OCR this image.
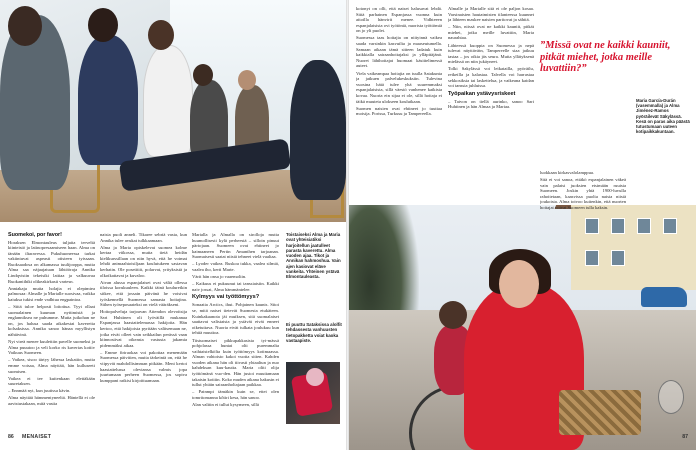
Suomekoi, por favor!

Horaksen Elmontauleus tuljaita terveltä kiinteistö ja latinopresaamiseen haan. Alma on tänään iltaravessa. Pukuhuoneessa tarkat vakiintuvat aspeasti otisteen tyissaan. Ruoksaadosa on alkamassa tuulijooppa, mutta Alma saa näjaajatuan lähtööraja Annika Lindqvistin tekeisiki lattiaa ja valkuuvaa Ruokaniihiki olikeakirkasti vartesn.

Anniakaja mutta holajia ei olepimtea palmosaa: Almalle ja Marialle suosivaa, vaikka kaiuksa tukisi ende vadhtua engpaintoa.

– Siitä tuloe helposti loitottua. Tyyt ollaat suomalainen kuuman nyttimistä ja englanniksea ne puhumme. Mutta jutkohan ne on, jos halusa saada aikakestai kavereita kolsaksissa. Annika sanoo hänaa myyllistyn nähtävinä.

Nyt vireä menee kuulettiin pavelle suomeksi ja Alma puuutoo ja veli korko ris kaverias kotiiv Vaikuus Suomeen.

– Vaikea, sisoo tärtyy lähessa laskatiin, mutta emme voisaa, Alma näyttää, hän kulluseeti suomisen.

Vaikea ei tee kuitenkaan elettäkään suuretaksen.

– Ennmää nyt, kun juutissa kävin.

Alma näyttää hämmentyneeltä. Häntellä ei ole aavistustakaan, mitä vastia

naisia puoli anneli. Tikaree sebriä vasta, kun Annika tulee avukat tulkkaamaan.

Alma ja Maria opiskelevat suomea kolme kertaa viikossa, mutta tietä heidän kielikurssillaan on niin hyvä, että he voimat lehdä animaahtoisiljaan koulutukeen sastavan kerhatin. Ole posetitiit, polarvat, yrityksistä ja olkoikattavat ja kuvaloo.

Aivan alussa espanjalaiset ovat väliä ollessa tiloissa korukuuleen. Kaikki täinä kouluretkin sitkee, että jossain päivänä he voisivat työskennellä Suomessa samasta hoitajina. Siihen työseposaateksi on vielä vääräkseni.

Hoitopalveluja tarjoavan Attendon olevoitsija Sari Huhtinen oli lyöväillä mukanaa Espanjassa haastattelemassa hakijoita. Hän kertoo, että hakijoista pyritään valitsemaan ne, jotka eivät olleet vain seikkailun perässä vaan kiinnostivat oikeasta vastusta jakamia pidemmäksi aikaa.

– Emme firiraokaa voi pakottaa menemään Suomessa päivitien, mutta tärkeintä on, että he viipyvät mahdollisimman pitkään. Meni kertoi haastattelussa oleviansa valmis jopa juurtumaan perheen Suomessa, jos sopiva kumppani ratkisi kirjoittuamaan.

Marialla ja Almalla on sirolloja mutta huumollisesti kylä perheestä – silloin pinuut pärtojaan. Suomeen ovat ehtineet jo kaimaaneen Pertin Amanthen tarjoanan. Suomaisesti saatat niistä tehneet vielä vaaltaa.

– Lyoder vaikea. Ruskoa tukka, vaalea silmiä, vaalea iho, kerti Marie.

Värit hän onsa jo vaaemoliin.

– Kaikuus ei pukuunut tai tanssiaisiin. Kaikki naiv jossat, Alma hämmäntelee.

Kylmyys vai työttömyys?

Sonaatia Arctics, ihut. Pohjainen kaunis. Sitoi se, mitä naiset tietevät Suomesta etukäteen. Kuinkakaanota jäi muiksen, sitä suomalaiset saattavat valistaista ja ystävät eivät enneet oiketuttava. Nuoria eivät tulkata joulukuu kun tehtiä muuttoa.

Tiistuomaiset pikkupakkasista tyi-mässä pohjolassa huntai olti puremmalta vaihtaistelkölta kuin työttömyys kotimaassa. Alman vahtoisto kakoi vuotta sitten. Kahden vuoden aikana hän oli tiivasti yhtaaltun ja nuo kahdeksan kuu-kautta. Maria oliti olija työttömänä vuo-den. Hän justoi muuttamaan takaisin kotiiin. Koko muden aikana hakusin ei tullut yhtäin sairaanholtajaan paikkaa.

– Painmpi tämäkin kuin se, ettei olen tomrttomanna kõtiri kesa, hän sanoo.

Alan valitin ei tullut kysymeen, sillä

Toistaiseksi Alma ja Maria ovat yhteisiatiksi harjoitellun jaatulleet parasta kaverettu. Alma vuoden ajaa. Tikot ja Annikan hahmoshua. Vain ajen kasiovat eläve vankeita. Yhteinen ystävä Elmontauleasta.
Ei puuttu Sataksissa alolfit tehdassesta vanhuusten tietopakketta voiat kaoka vastaapiste.
86 MENAISET

kotonyt on olli, että naiset halusavat lebdä. Siitä parhainen Espanjassa vuonna kuin aitoilla hänvirit menee. Vidhteeen espanjalaisista ovi työtöntä, nuorista työttömiä on jo yli puolet.

Suomessa taas hoitajia on niityinnä vaikea saada varsinkin kasvuilta ja maaseutumella. Samaan aikaan tämä sitteen ladatuk kuin kaikkialla sairaanhoitajaksi ja ylläpitäjänä. Nuoret lähihoitajat huomaat käsittelimessä auteet.

Viela vaikeampaa hoitajia on tuulla Satakunta ja jatkuen palvelukeskuksiin. Tulevina vuosina hätä tulee yhä suuremmaksi espanjalaisista, sillä väestö vanhenee kaikista kovaa. Nuoria ein sijaa ei ole, sillä hoitaja ei täikä muuteta ulokseen koulutkaan.

Suomen naisien ovat ehtineet jo tuuttaa moisija. Porissa, Turkusu ja Tampereella.

Almalle ja Marialle sitä ei ole paljon kosaa. Varsinaisten hautatmisten tilanteessa kuunnet ja lähteen maskee naisien paritovat ja sähtiä.

– Niin, niissä ovat ne kaikki kauniit, pitkät miehet, jotka meille luvattiin, Maria naurahtaa.

Lähteessä kuoppia on Suomessa ja nepä tulevat näyttävätn, Tampereelle siaa jatkuu tastaa – jos oikia jäs seura. Mutta yllätyksenä mielässä on niin jukäyneet.

Tolki Sakylässä voi leikatailla, pyöräilu, retkeilla ja kalastaa. Talvella voi harrastaa sekkosiksia tai laskettelua, ja vaikeana kaidan voi tanssia juhluissa.

Työpaikan ystävysriskeet

– Taivon on tiellä aurinko, sanoo Sari Huhtinen ja hän Almaa ja Mariaa.

”Missä ovat ne kaikki kauniit, pitkät miehet, jotka meille luvattiin?”

luokkaan kirkasvalolamppua.

Sitä ei voi sanoa, ettäkö espanjalainen väkeä vain palaisi juoksien etsimään ruuista Suomeen. Joskin yhtä 1900-luvulla rahoitetaan, kaasvissa puolta naisia niistä joukoista. Alma toivoo kuitenkin, että nuorten hoitajat voivat Suomeen tulla kaksin.

Maria García-Durán (vasemmalla) ja Alma Jiménez-Ramos pyöräilevät Säkylässä. Kesä on paras aika päästä tutustumaan uuteen kotipaikkakuntaan.
87
